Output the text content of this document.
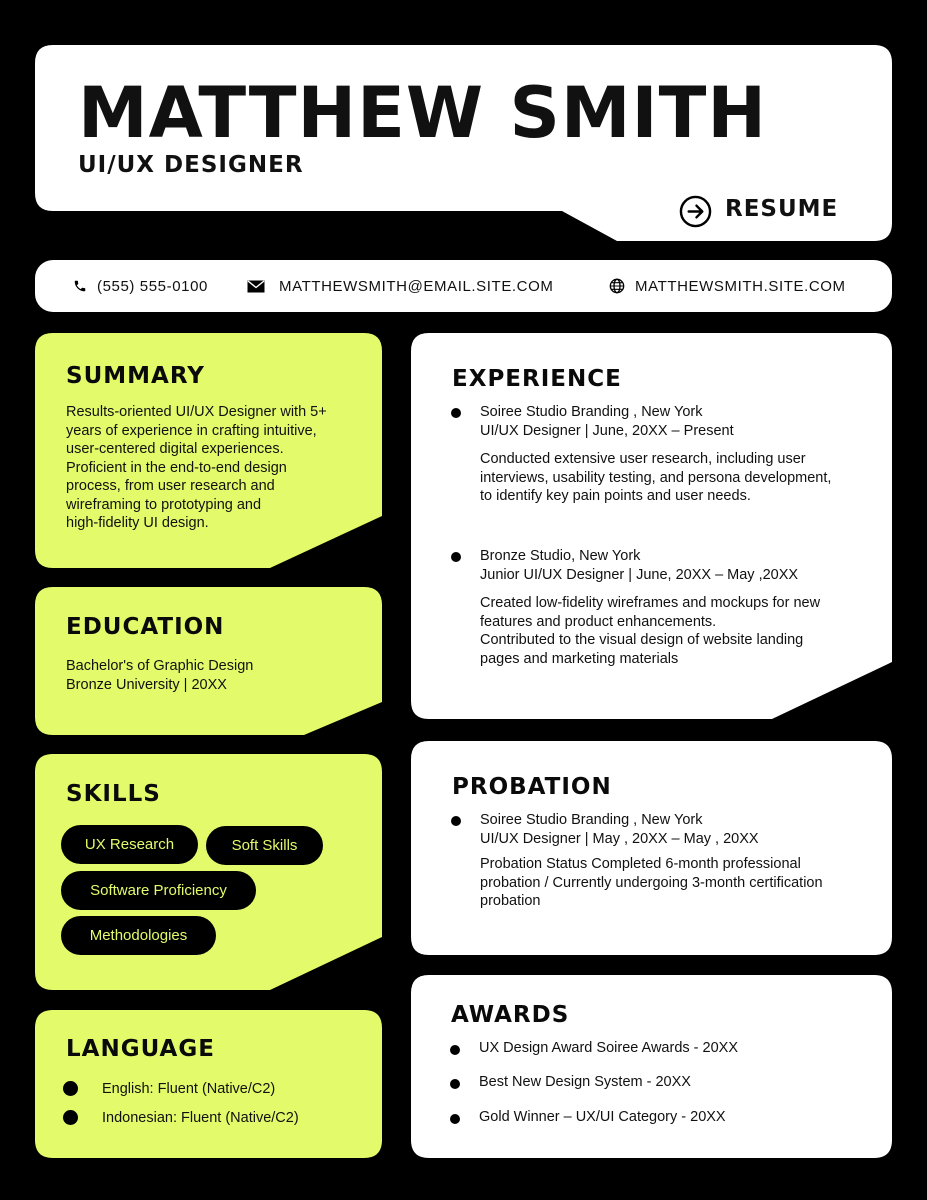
MATTHEW SMITH
UI/UX DESIGNER
RESUME
(555) 555-0100	MATTHEWSMITH@EMAIL.SITE.COM	MATTHEWSMITH.SITE.COM
SUMMARY
Results-oriented UI/UX Designer with 5+
years of experience in crafting intuitive,
user-centered digital experiences.
Proficient in the end-to-end design
process, from user research and
wireframing to prototyping and
high-fidelity UI design.
EDUCATION
Bachelor's of Graphic Design
Bronze University | 20XX
SKILLS
UX Research	Soft Skills
Software Proficiency
Methodologies
LANGUAGE
English: Fluent (Native/C2)
Indonesian: Fluent (Native/C2)
EXPERIENCE
Soiree Studio Branding , New York
UI/UX Designer | June, 20XX – Present
Conducted extensive user research, including user
interviews, usability testing, and persona development,
to identify key pain points and user needs.
Bronze Studio, New York
Junior UI/UX Designer | June, 20XX – May ,20XX
Created low-fidelity wireframes and mockups for new
features and product enhancements.
Contributed to the visual design of website landing
pages and marketing materials
PROBATION
Soiree Studio Branding , New York
UI/UX Designer | May , 20XX – May , 20XX
Probation Status Completed 6-month professional
probation / Currently undergoing 3-month certification
probation
AWARDS
UX Design Award Soiree Awards - 20XX
Best New Design System - 20XX
Gold Winner – UX/UI Category - 20XX
